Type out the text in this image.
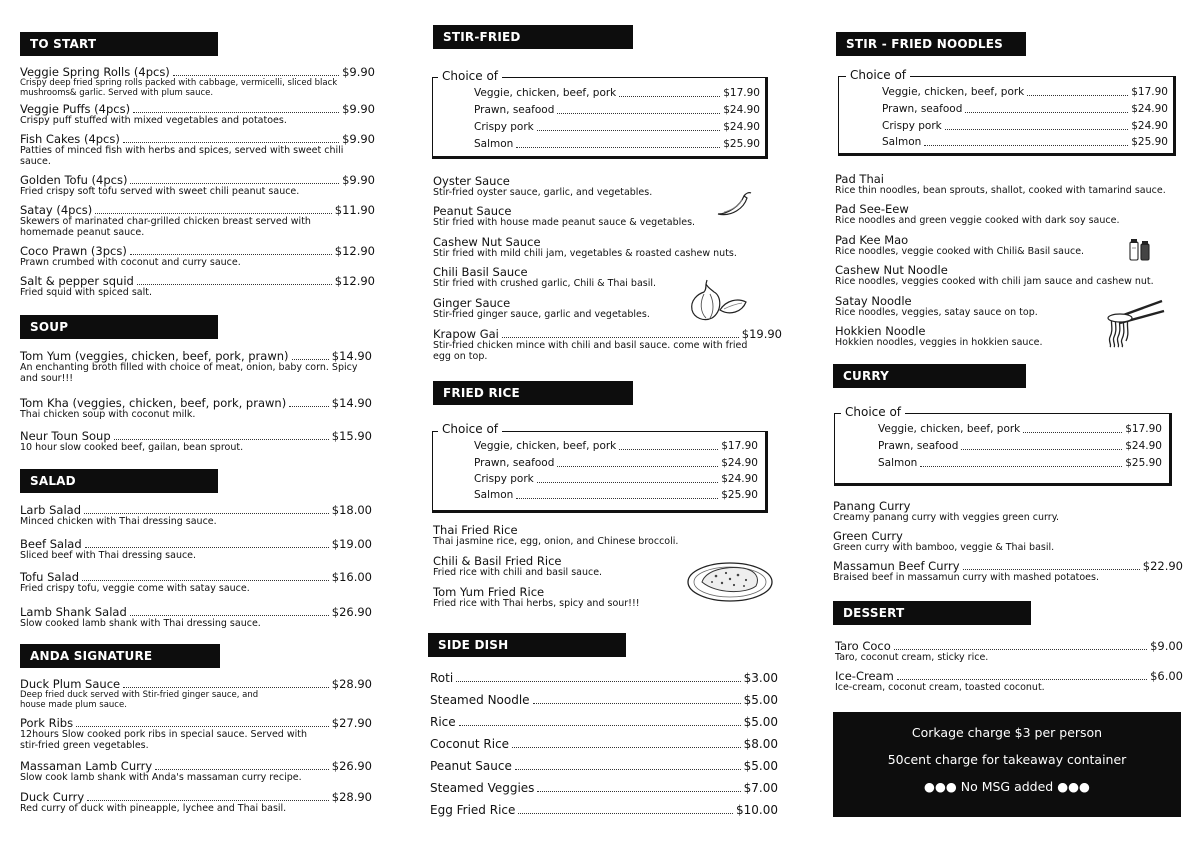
TO START
Veggie Spring Rolls (4pcs)	$9.90
Crispy deep fried spring rolls packed with cabbage, vermicelli, sliced black mushrooms& garlic. Served with plum sauce.
Veggie Puffs (4pcs)	$9.90
Crispy puff stuffed with mixed vegetables and potatoes.
Fish Cakes (4pcs)	$9.90
Patties of minced fish with herbs and spices, served with sweet chili sauce.
Golden Tofu (4pcs)	$9.90
Fried crispy soft tofu served with sweet chili peanut sauce.
Satay (4pcs)	$11.90
Skewers of marinated char-grilled chicken breast served with homemade peanut sauce.
Coco Prawn (3pcs)	$12.90
Prawn crumbed with coconut and curry sauce.
Salt & pepper squid	$12.90
Fried squid with spiced salt.
SOUP
Tom Yum (veggies, chicken, beef, pork, prawn)	$14.90
An enchanting broth filled with choice of meat, onion, baby corn. Spicy and sour!!!
Tom Kha (veggies, chicken, beef, pork, prawn)	$14.90
Thai chicken soup with coconut milk.
Neur Toun Soup	$15.90
10 hour slow cooked beef, gailan, bean sprout.
SALAD
Larb Salad	$18.00
Minced chicken with Thai dressing sauce.
Beef Salad	$19.00
Sliced beef with Thai dressing sauce.
Tofu Salad	$16.00
Fried crispy tofu, veggie come with satay sauce.
Lamb Shank Salad	$26.90
Slow cooked lamb shank with Thai dressing sauce.
ANDA SIGNATURE
Duck Plum Sauce	$28.90
Deep fried duck served with Stir-fried ginger sauce, and house made plum sauce.
Pork Ribs	$27.90
12hours Slow cooked pork ribs in special sauce. Served with stir-fried green vegetables.
Massaman Lamb Curry	$26.90
Slow cook lamb shank with Anda's massaman curry recipe.
Duck Curry	$28.90
Red curry of duck with pineapple, lychee and Thai basil.
STIR-FRIED
Choice of
Veggie, chicken, beef, pork	$17.90
Prawn, seafood	$24.90
Crispy pork	$24.90
Salmon	$25.90
Oyster Sauce
Stir-fried oyster sauce, garlic, and vegetables.
Peanut Sauce
Stir fried with house made peanut sauce & vegetables.
Cashew Nut Sauce
Stir fried with mild chili jam, vegetables & roasted cashew nuts.
Chili Basil Sauce
Stir fried with crushed garlic, Chili & Thai basil.
Ginger Sauce
Stir-fried ginger sauce, garlic and vegetables.
Krapow Gai	$19.90
Stir-fried chicken mince with chili and basil sauce. come with fried egg on top.
FRIED RICE
Choice of
Veggie, chicken, beef, pork	$17.90
Prawn, seafood	$24.90
Crispy pork	$24.90
Salmon	$25.90
Thai Fried Rice
Thai jasmine rice, egg, onion, and Chinese broccoli.
Chili & Basil Fried Rice
Fried rice with chili and basil sauce.
Tom Yum Fried Rice
Fried rice with Thai herbs, spicy and sour!!!
SIDE DISH
Roti	$3.00
Steamed Noodle	$5.00
Rice	$5.00
Coconut Rice	$8.00
Peanut Sauce	$5.00
Steamed Veggies	$7.00
Egg Fried Rice	$10.00
STIR - FRIED NOODLES
Choice of
Veggie, chicken, beef, pork	$17.90
Prawn, seafood	$24.90
Crispy pork	$24.90
Salmon	$25.90
Pad Thai
Rice thin noodles, bean sprouts, shallot, cooked with tamarind sauce.
Pad See-Eew
Rice noodles and green veggie cooked with dark soy sauce.
Pad Kee Mao
Rice noodles, veggie cooked with Chili& Basil sauce.
Cashew Nut Noodle
Rice noodles, veggies cooked with chili jam sauce and cashew nut.
Satay Noodle
Rice noodles, veggies, satay sauce on top.
Hokkien Noodle
Hokkien noodles, veggies in hokkien sauce.
CURRY
Choice of
Veggie, chicken, beef, pork	$17.90
Prawn, seafood	$24.90
Salmon	$25.90
Panang Curry
Creamy panang curry with veggies green curry.
Green Curry
Green curry with bamboo, veggie & Thai basil.
Massamun Beef Curry	$22.90
Braised beef in massamun curry with mashed potatoes.
DESSERT
Taro Coco	$9.00
Taro, coconut cream, sticky rice.
Ice-Cream	$6.00
Ice-cream, coconut cream, toasted coconut.
Corkage charge $3 per person
50cent charge for takeaway container
●●● No MSG added ●●●
